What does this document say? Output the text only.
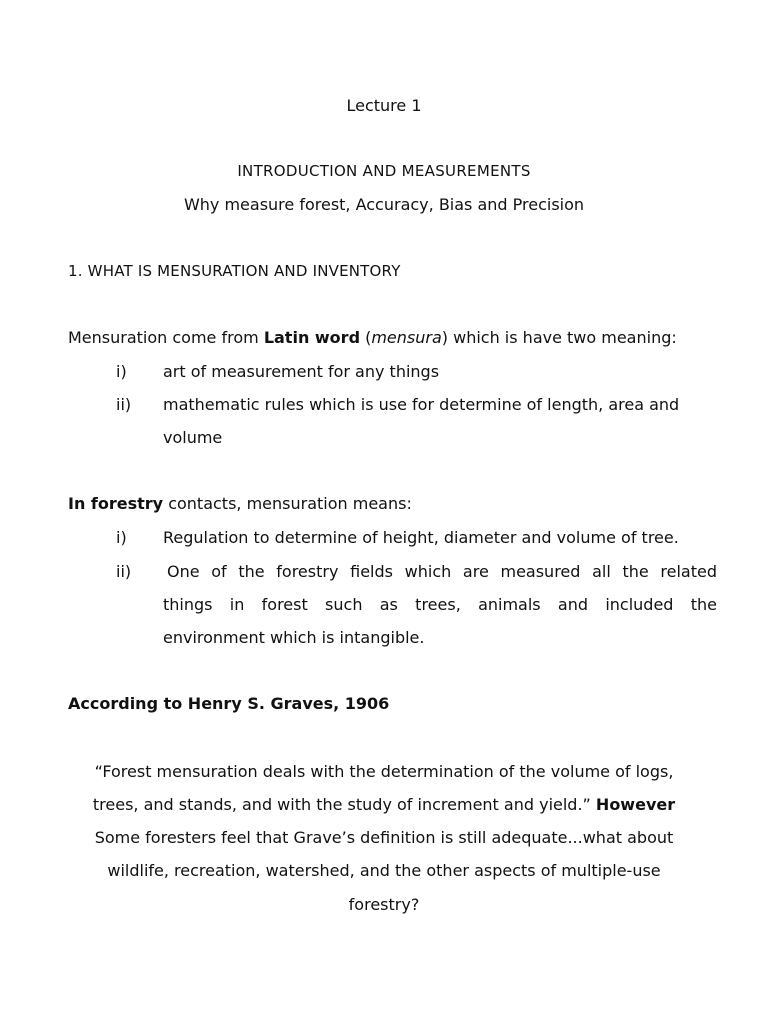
Lecture 1
INTRODUCTION AND MEASUREMENTS
Why measure forest, Accuracy, Bias and Precision
1. WHAT IS MENSURATION AND INVENTORY
Mensuration come from Latin word (mensura) which is have two meaning:
i) art of measurement for any things
ii) mathematic rules which is use for determine of length, area and
volume
In forestry contacts, mensuration means:
i) Regulation to determine of height, diameter and volume of tree.
ii) One of the forestry fields which are measured all the related
things in forest such as trees, animals and included the
environment which is intangible.
According to Henry S. Graves, 1906
“Forest mensuration deals with the determination of the volume of logs,
trees, and stands, and with the study of increment and yield.” However
Some foresters feel that Grave’s definition is still adequate...what about
wildlife, recreation, watershed, and the other aspects of multiple-use
forestry?
